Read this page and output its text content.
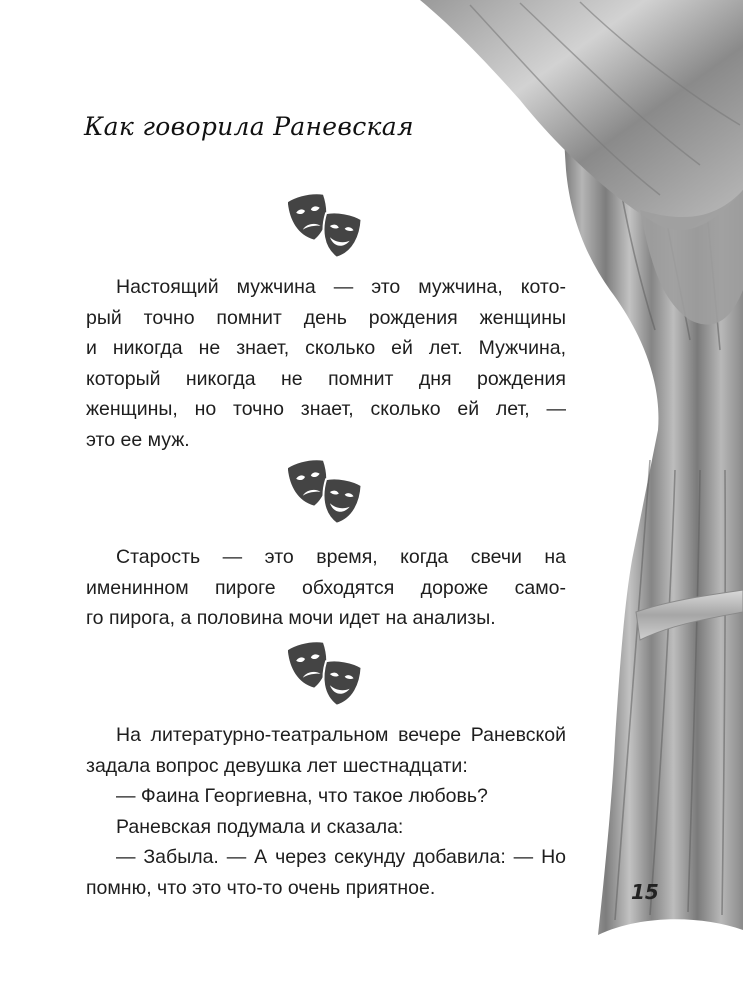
Как говорила Раневская

Настоящий мужчина — это мужчина, кото-

рый точно помнит день рождения женщины

и никогда не знает, сколько ей лет. Мужчина,

который никогда не помнит дня рождения

женщины, но точно знает, сколько ей лет, —

это ее муж.

Старость — это время, когда свечи на

именинном пироге обходятся дороже само-

го пирога, а половина мочи идет на анализы.

На литературно-театральном вечере Раневской задала вопрос девушка лет шестнадцати:

— Фаина Георгиевна, что такое любовь?

Раневская подумала и сказала:

— Забыла. — А через секунду добавила: — Но помню, что это что-то очень приятное.	15
